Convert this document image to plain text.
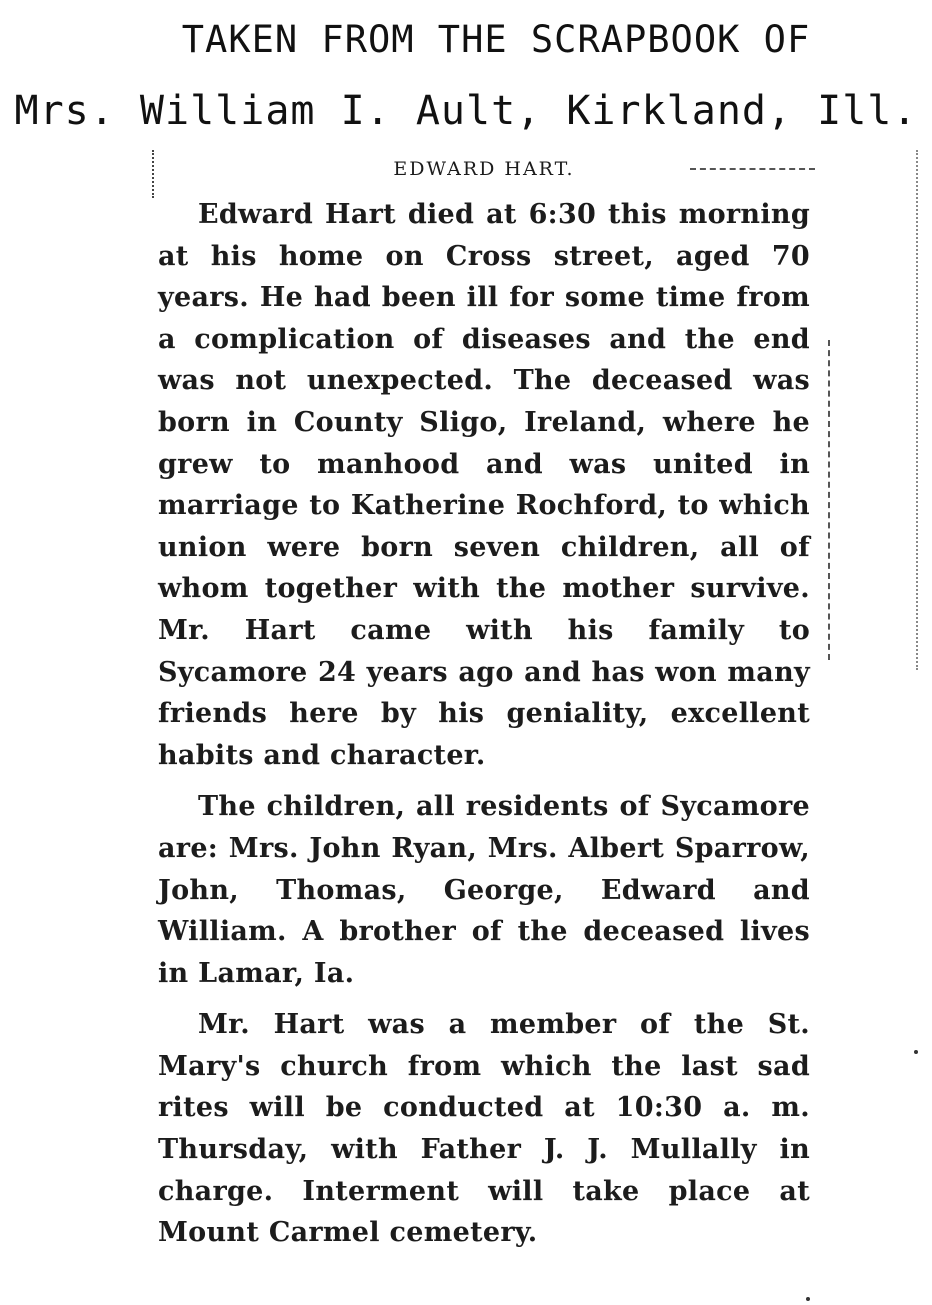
TAKEN FROM THE SCRAPBOOK OF
Mrs. William I. Ault, Kirkland, Ill.
EDWARD HART.

Edward Hart died at 6:30 this morning at his home on Cross street, aged 70 years. He had been ill for some time from a complication of diseases and the end was not unexpected. The deceased was born in County Sligo, Ireland, where he grew to manhood and was united in marriage to Katherine Rochford, to which union were born seven children, all of whom together with the mother survive. Mr. Hart came with his family to Sycamore 24 years ago and has won many friends here by his geniality, excellent habits and character.

The children, all residents of Sycamore are: Mrs. John Ryan, Mrs. Albert Sparrow, John, Thomas, George, Edward and William. A brother of the deceased lives in Lamar, Ia.

Mr. Hart was a member of the St. Mary's church from which the last sad rites will be conducted at 10:30 a. m. Thursday, with Father J. J. Mullally in charge. Interment will take place at Mount Carmel cemetery.
